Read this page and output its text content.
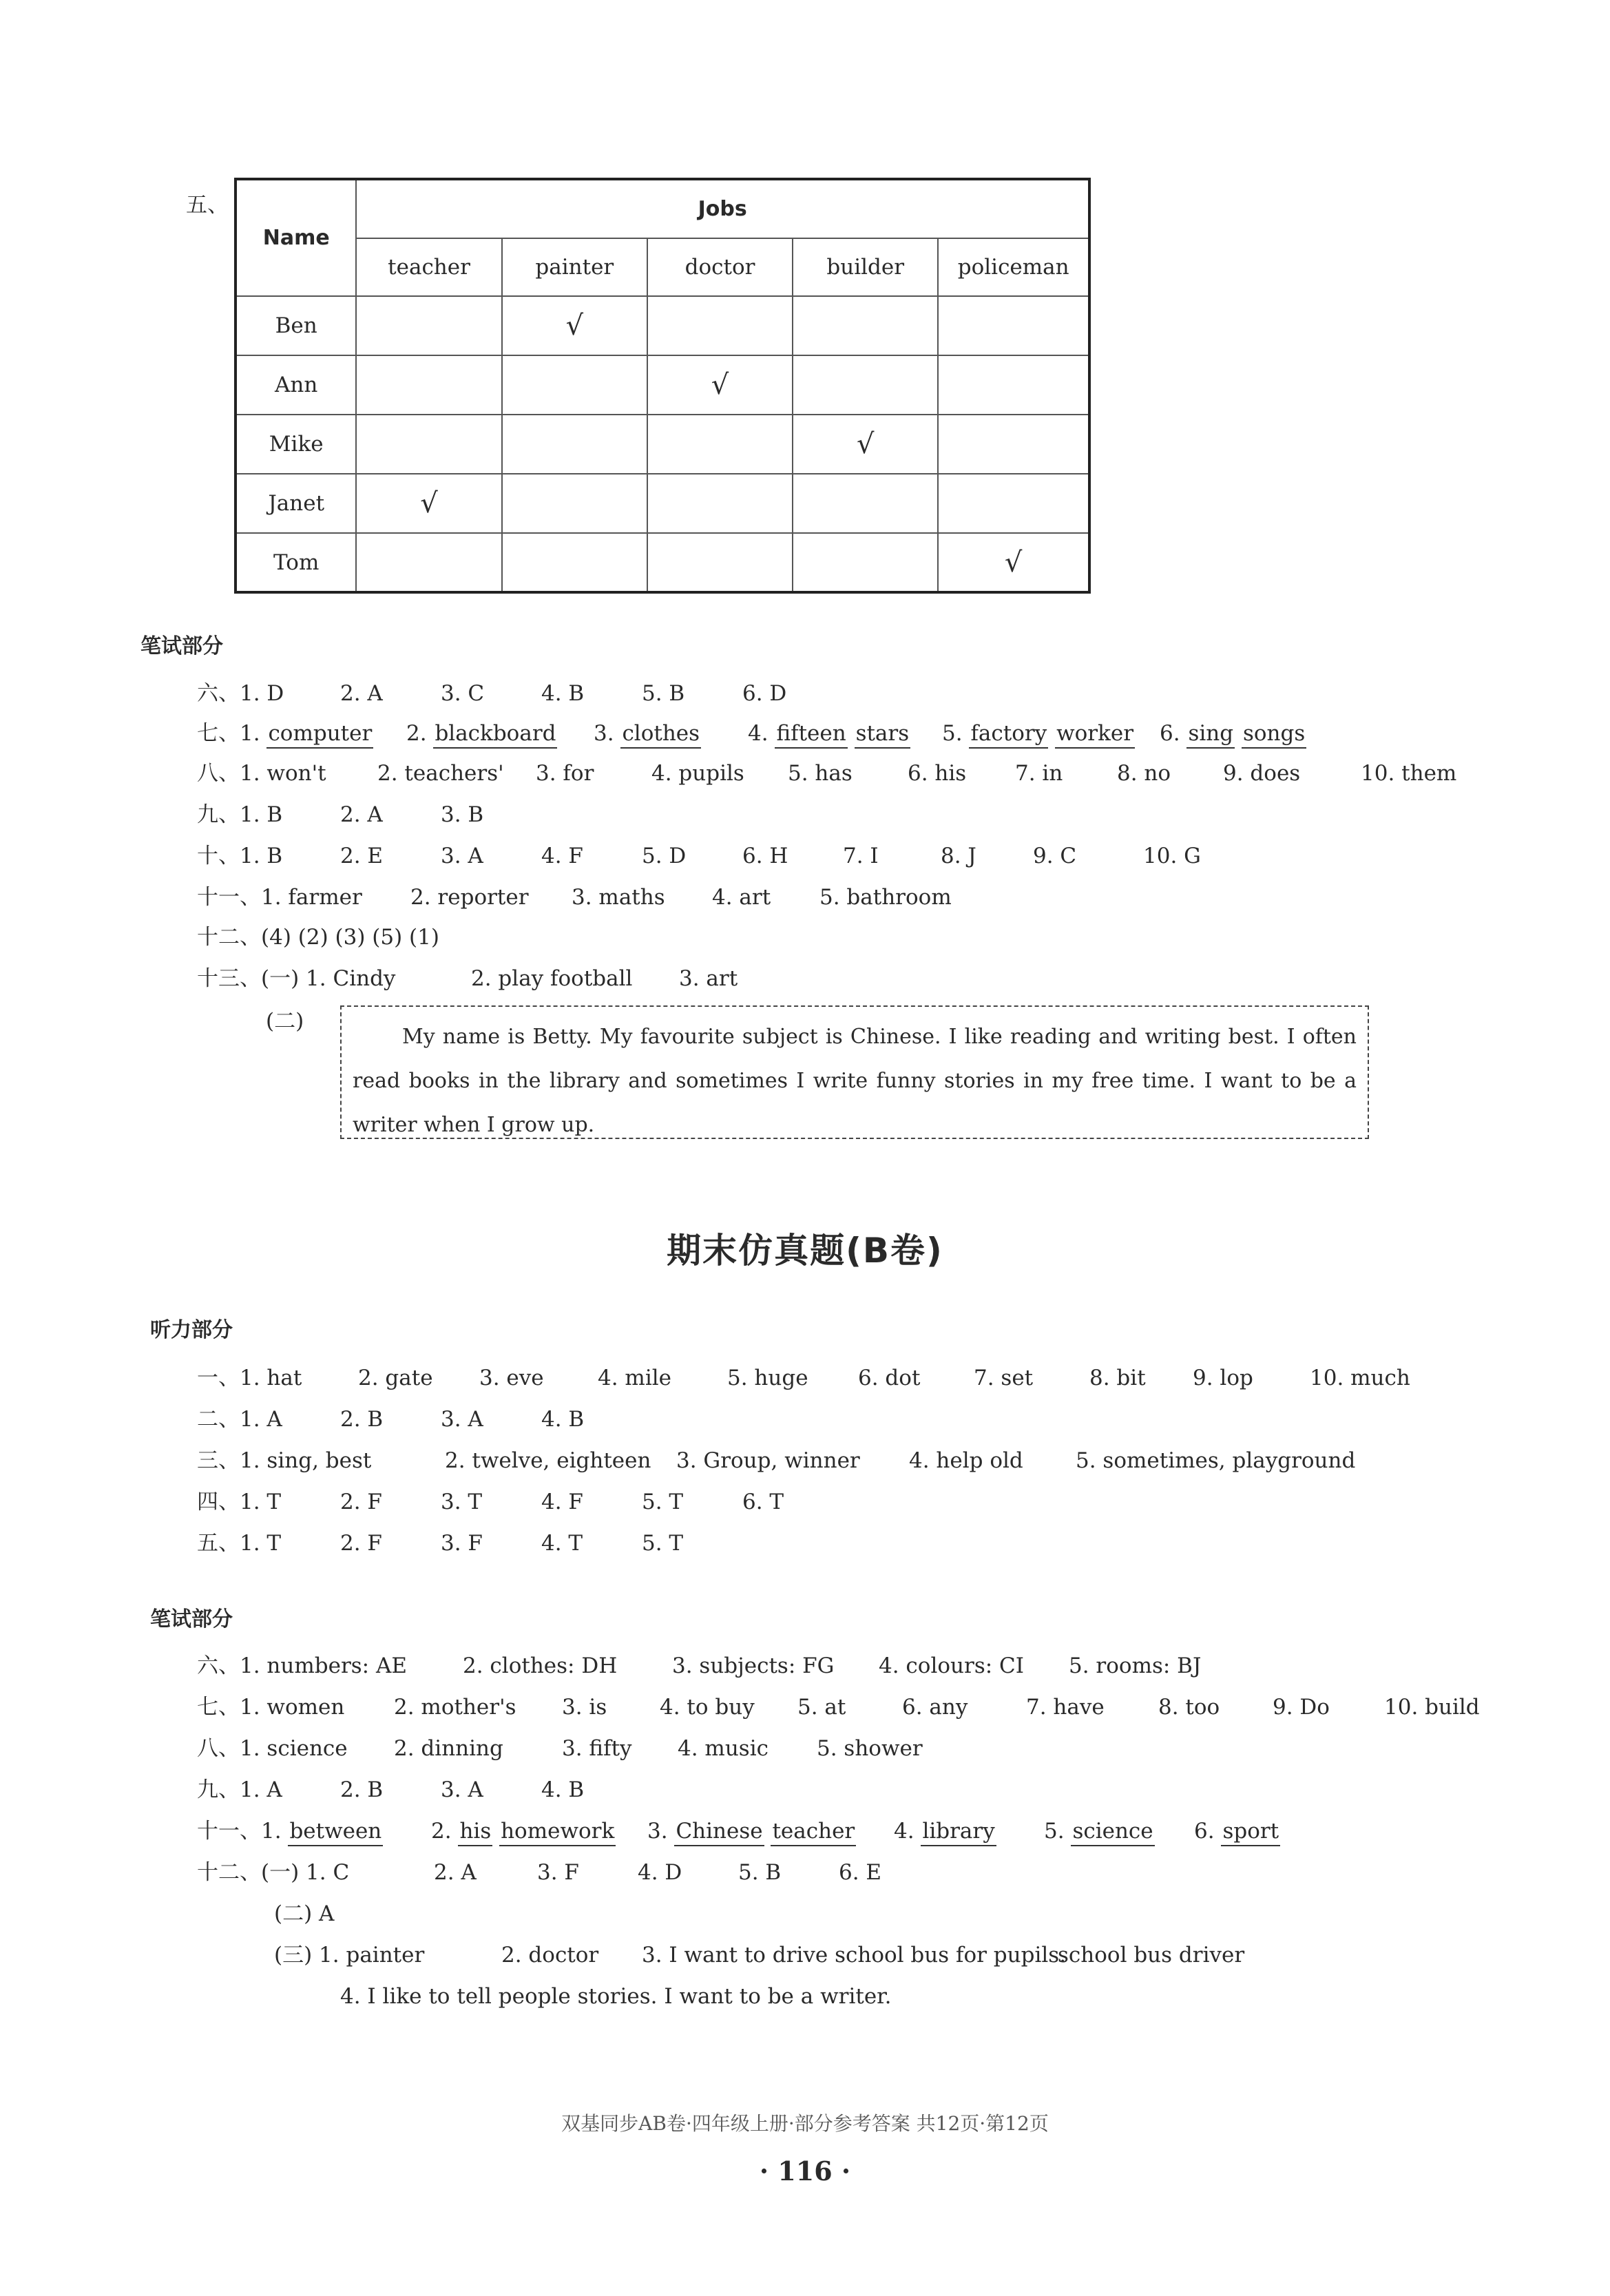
五、
Name	Jobs				
	teacher	painter	doctor	builder	policeman
Ben		√			
Ann			√		
Mike				√	
Janet	√				
Tom					√
笔试部分
六、1. D	2. A	3. C	4. B	5. B	6. D
七、1. computer 2. blackboard 3. clothes 4. fifteen stars 5. factory worker 6. sing songs
八、1. won't 2. teachers' 3. for	4. pupils 5. has	6. his 7. in	8. no 9. does	10. them
九、1. B	2. A	3. B
十、1. B	2. E	3. A	4. F	5. D	6. H	7. I	8. J	9. C	10. G
十一、1. farmer 2. reporter 3. maths 4. art 5. bathroom
十二、(4) (2) (3) (5) (1)
十三、(一) 1. Cindy	2. play football 3. art
(二)
My name is Betty. My favourite subject is Chinese. I like reading and writing best. I often read books in the library and sometimes I write funny stories in my free time. I want to be a writer when I grow up.
期末仿真题(B卷)
听力部分
一、1. hat	2. gate 3. eve	4. mile	5. huge 6. dot	7. set	8. bit 9. lop	10. much
二、1. A	2. B	3. A	4. B
三、1. sing, best	2. twelve, eighteen 3. Group, winner 4. help old 5. sometimes, playground
四、1. T	2. F	3. T	4. F	5. T	6. T
五、1. T	2. F	3. F	4. T	5. T
笔试部分
六、1. numbers: AE	2. clothes: DH	3. subjects: FG 4. colours: CI 5. rooms: BJ
七、1. women 2. mother's 3. is 4. to buy 5. at	6. any	7. have	8. too 9. Do	10. build
八、1. science 2. dinning	3. fifty 4. music 5. shower
九、1. A	2. B	3. A	4. B
十一、1. between 2. his homework 3. Chinese teacher 4. library 5. science 6. sport
十二、(一) 1. C	2. A	3. F	4. D	5. B	6. E
(二) A
(三) 1. painter	2. doctor 3. I want to drive school bus for pupils.
school bus driver
4. I like to tell people stories. I want to be a writer.
双基同步AB卷·四年级上册·部分参考答案 共12页·第12页
· 116 ·
